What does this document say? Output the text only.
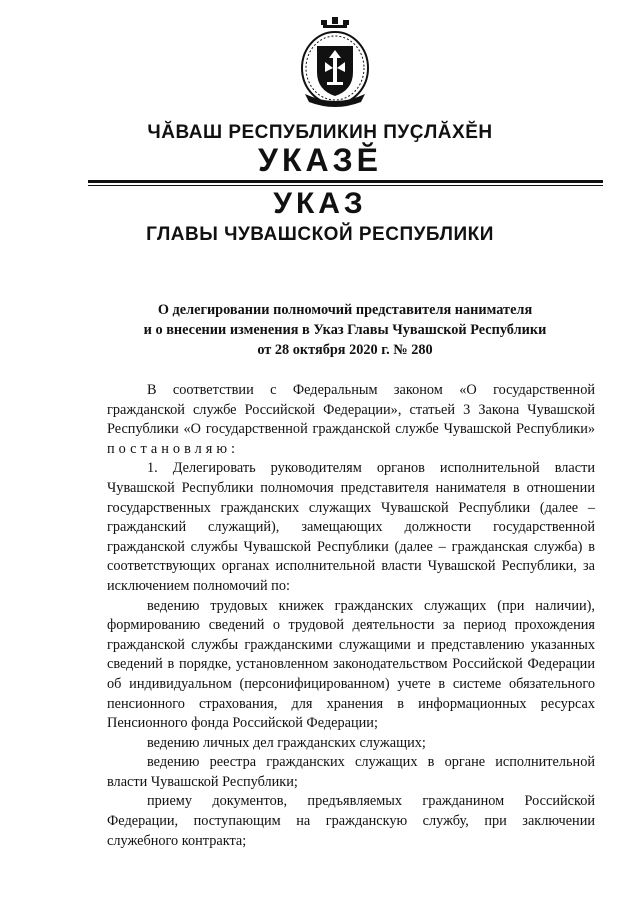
ЧӐВАШ РЕСПУБЛИКИН ПУҪЛӐХӖН
УКАЗӖ
УКАЗ
ГЛАВЫ ЧУВАШСКОЙ РЕСПУБЛИКИ
О делегировании полномочий представителя нанимателя
и о внесении изменения в Указ Главы Чувашской Республики
от 28 октября 2020 г. № 280

В соответствии с Федеральным законом «О государственной гражданской службе Российской Федерации», статьей 3 Закона Чувашской Республики «О государственной гражданской службе Чувашской Республики» постановляю:

1. Делегировать руководителям органов исполнительной власти Чувашской Республики полномочия представителя нанимателя в отношении государственных гражданских служащих Чувашской Республики (далее – гражданский служащий), замещающих должности государственной гражданской службы Чувашской Республики (далее – гражданская служба) в соответствующих органах исполнительной власти Чувашской Республики, за исключением полномочий по:

ведению трудовых книжек гражданских служащих (при наличии), формированию сведений о трудовой деятельности за период прохождения гражданской службы гражданскими служащими и представлению указанных сведений в порядке, установленном законодательством Российской Федерации об индивидуальном (персонифицированном) учете в системе обязательного пенсионного страхования, для хранения в информационных ресурсах Пенсионного фонда Российской Федерации;

ведению личных дел гражданских служащих;

ведению реестра гражданских служащих в органе исполнительной власти Чувашской Республики;

приему документов, предъявляемых гражданином Российской Федерации, поступающим на гражданскую службу, при заключении служебного контракта;
